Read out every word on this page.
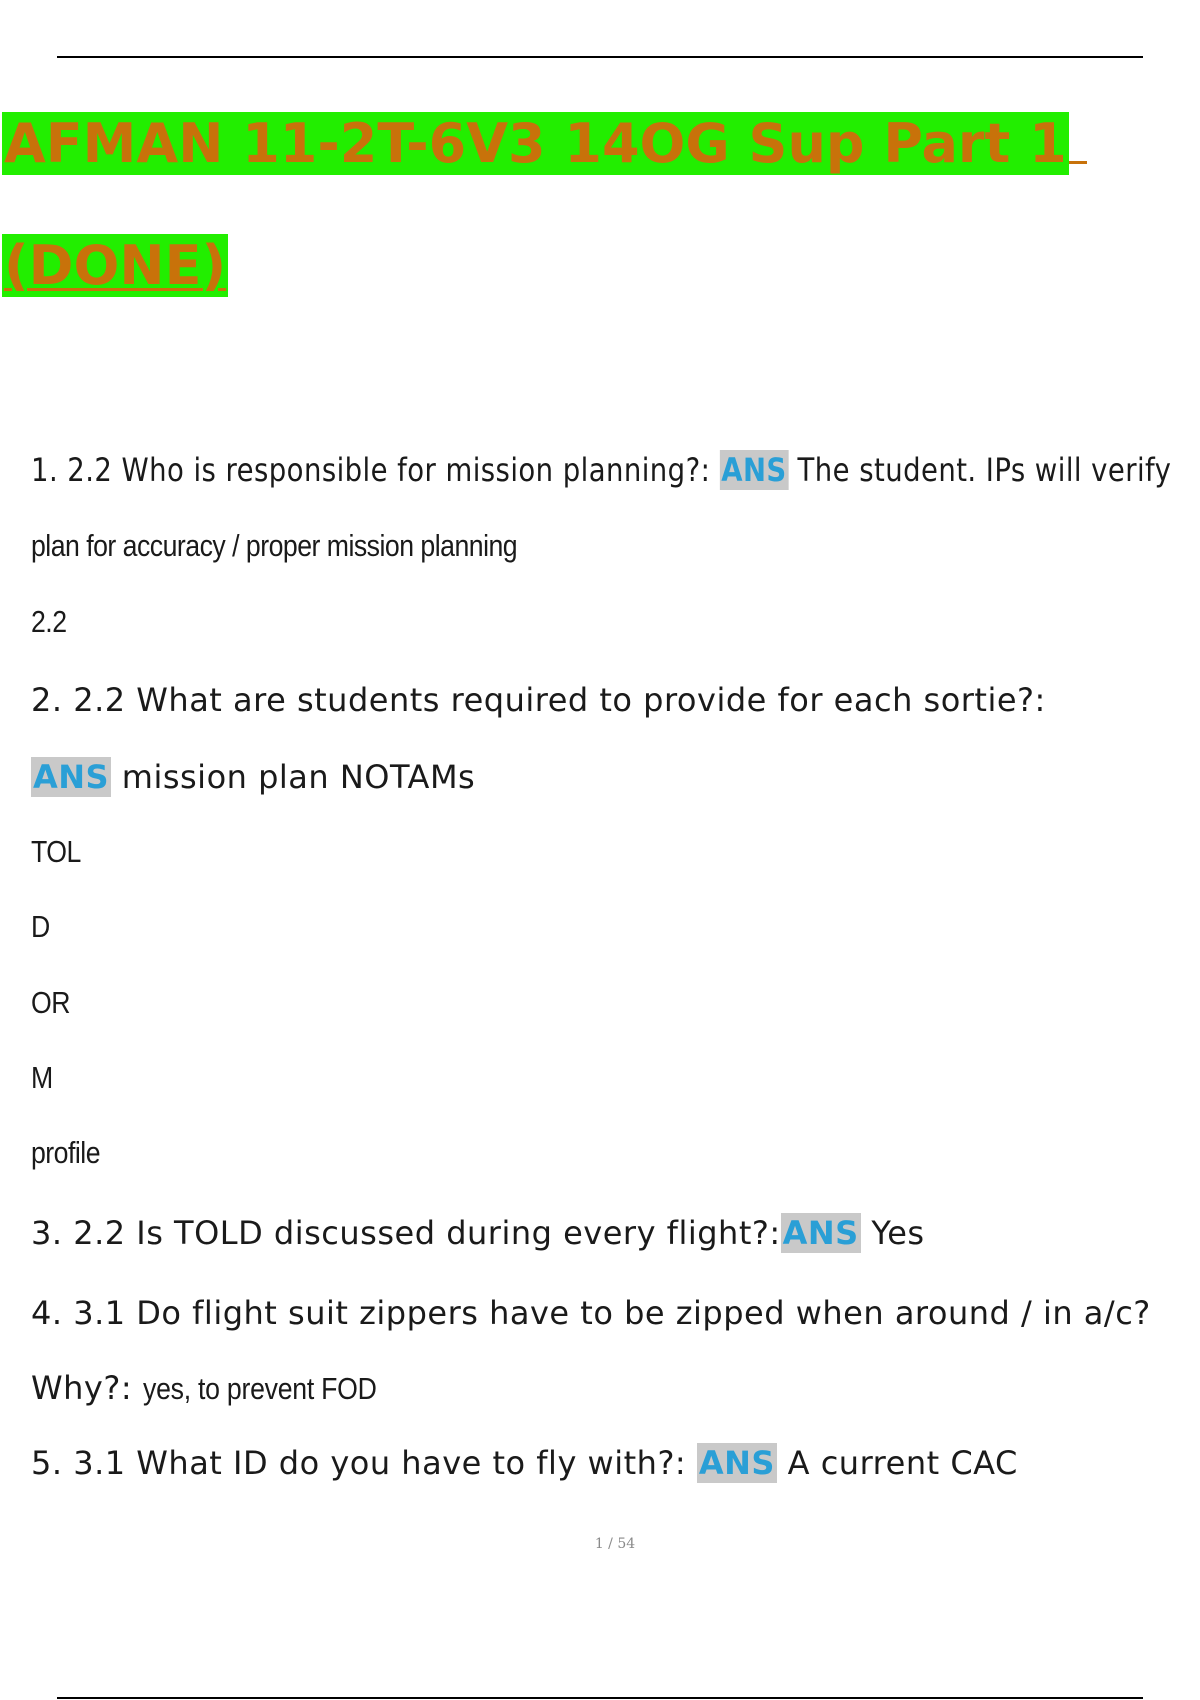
AFMAN 11-2T-6V3 14OG Sup Part 1
(DONE)
1. 2.2 Who is responsible for mission planning?: ANS The student. IPs will verify
plan for accuracy / proper mission planning
2.2
2. 2.2 What are students required to provide for each sortie?:
ANS mission plan NOTAMs
TOL
D
OR
M
profile
3. 2.2 Is TOLD discussed during every flight?:ANS Yes
4. 3.1 Do flight suit zippers have to be zipped when around / in a/c?
Why?: yes, to prevent FOD
5. 3.1 What ID do you have to fly with?: ANS A current CAC
1 / 54
